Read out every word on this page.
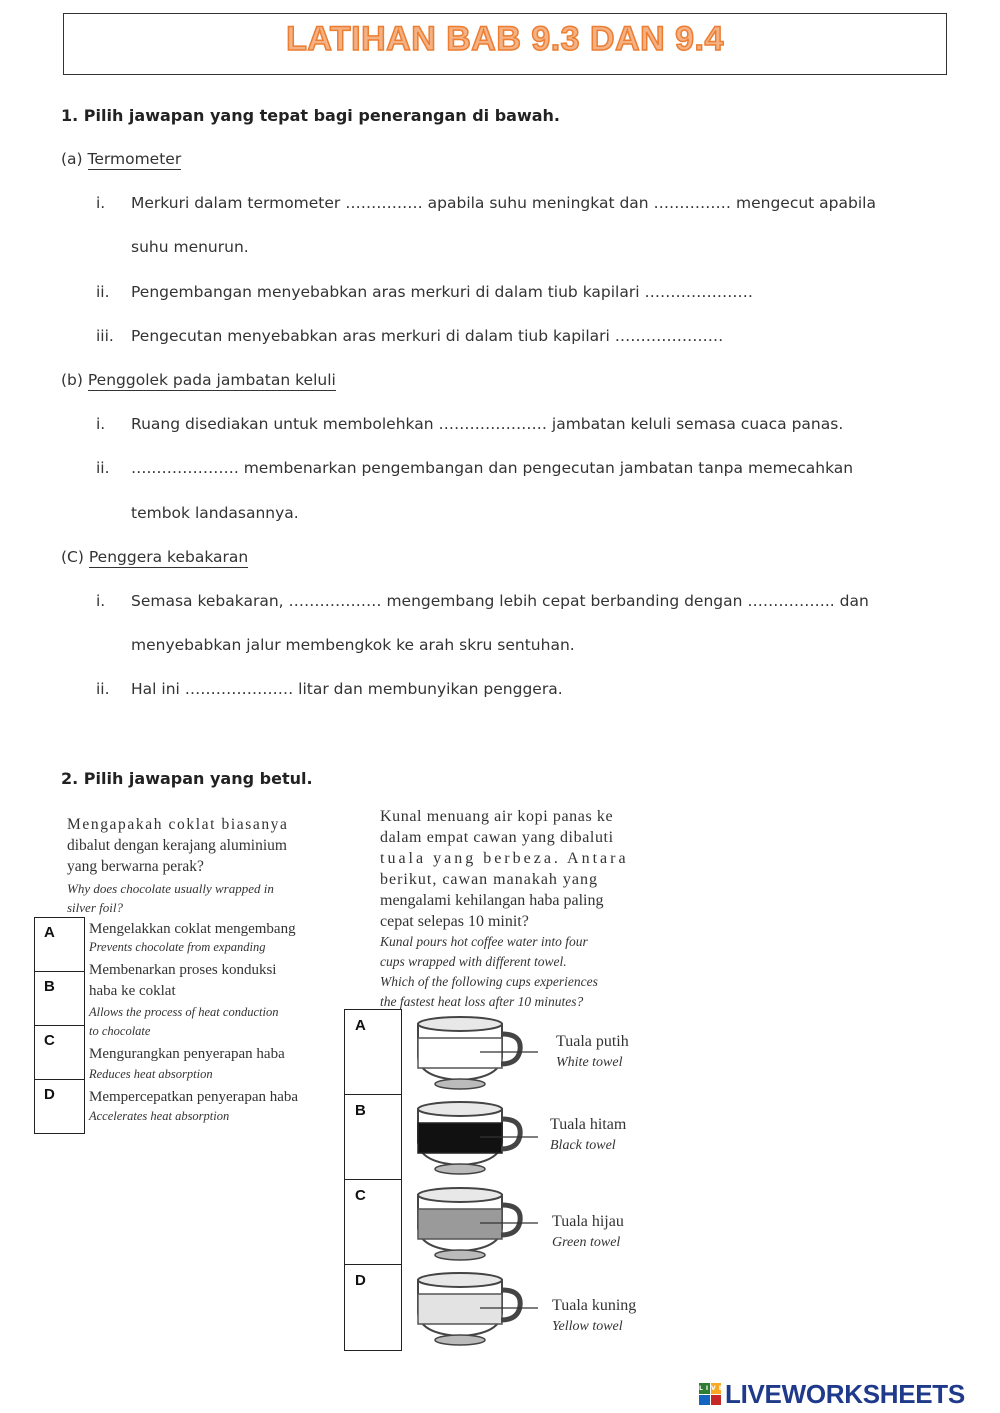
LATIHAN BAB 9.3 DAN 9.4
1. Pilih jawapan yang tepat bagi penerangan di bawah.
(a) Termometer
i. Merkuri dalam termometer …………… apabila suhu meningkat dan …………… mengecut apabila
suhu menurun.
ii. Pengembangan menyebabkan aras merkuri di dalam tiub kapilari …………………
iii. Pengecutan menyebabkan aras merkuri di dalam tiub kapilari …………………
(b) Penggolek pada jambatan keluli
i. Ruang disediakan untuk membolehkan ………………… jambatan keluli semasa cuaca panas.
ii. …..……………. membenarkan pengembangan dan pengecutan jambatan tanpa memecahkan
tembok landasannya.
(C) Penggera kebakaran
i. Semasa kebakaran, ……………… mengembang lebih cepat berbanding dengan …………….. dan
menyebabkan jalur membengkok ke arah skru sentuhan.
ii. Hal ini ………………… litar dan membunyikan penggera.
2. Pilih jawapan yang betul.
Mengapakah coklat biasanya
dibalut dengan kerajang aluminium
yang berwarna perak?
Why does chocolate usually wrapped in
silver foil?
A
B
C
D
Mengelakkan coklat mengembang
Prevents chocolate from expanding
Membenarkan proses konduksi
haba ke coklat
Allows the process of heat conduction
to chocolate
Mengurangkan penyerapan haba
Reduces heat absorption
Mempercepatkan penyerapan haba
Accelerates heat absorption
Kunal menuang air kopi panas ke
dalam empat cawan yang dibaluti
tuala yang berbeza. Antara
berikut, cawan manakah yang
mengalami kehilangan haba paling
cepat selepas 10 minit?
Kunal pours hot coffee water into four
cups wrapped with different towel.
Which of the following cups experiences
the fastest heat loss after 10 minutes?
A
B
C
D
Tuala putih
White towel
Tuala hitam
Black towel
Tuala hijau
Green towel
Tuala kuning
Yellow towel
LIVE LIVEWORKSHEETS
